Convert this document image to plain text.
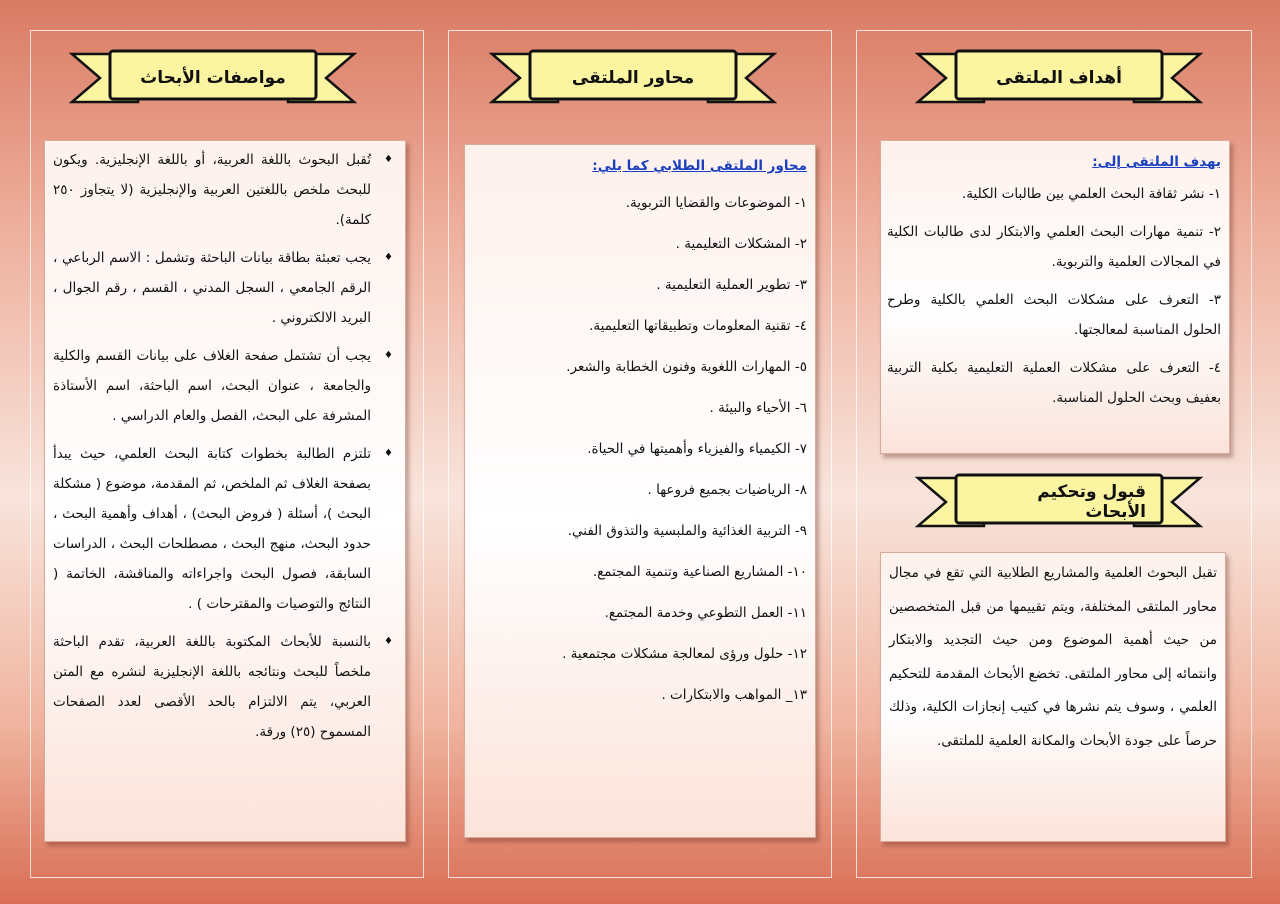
أهداف الملتقى
محاور الملتقى
مواصفات الأبحاث
قبول وتحكيم الأبحاث
يهدف الملتقى إلى:

١- نشر ثقافة البحث العلمي بين طالبات الكلية.

٢- تنمية مهارات البحث العلمي والابتكار لدى طالبات الكلية في المجالات العلمية والتربوية.

٣- التعرف على مشكلات البحث العلمي بالكلية وطرح الحلول المناسبة لمعالجتها.

٤- التعرف على مشكلات العملية التعليمية بكلية التربية بعفيف وبحث الحلول المناسبة.

تقبل البحوث العلمية والمشاريع الطلابية التي تقع في مجال محاور الملتقى المختلفة، ويتم تقييمها من قبل المتخصصين من حيث أهمية الموضوع ومن حيث التجديد والابتكار وانتمائه إلى محاور الملتقى. تخضع الأبحاث المقدمة للتحكيم العلمي ، وسوف يتم نشرها في كتيب إنجازات الكلية، وذلك حرصاً على جودة الأبحاث والمكانة العلمية للملتقى.

محاور الملتقى الطلابي كما يلي:

١- الموضوعات والقضايا التربوية.

٢- المشكلات التعليمية .

٣- تطوير العملية التعليمية .

٤- تقنية المعلومات وتطبيقاتها التعليمية.

٥- المهارات اللغوية وفنون الخطابة والشعر.

٦- الأحياء والبيئة .

٧- الكيمياء والفيزياء وأهميتها في الحياة.

٨- الرياضيات بجميع فروعها .

٩- التربية الغذائية والملبسية والتذوق الفني.

١٠- المشاريع الصناعية وتنمية المجتمع.

١١- العمل التطوعي وخدمة المجتمع.

١٢- حلول ورؤى لمعالجة مشكلات مجتمعية .

١٣_ المواهب والابتكارات .

♦
تُقبل البحوث باللغة العربية، أو باللغة الإنجليزية. ويكون للبحث ملخص باللغتين العربية والإنجليزية (لا يتجاوز ٢٥٠ كلمة).
♦
يجب تعبئة بطاقة بيانات الباحثة وتشمل : الاسم الرباعي ، الرقم الجامعي ، السجل المدني ، القسم ، رقم الجوال ، البريد الالكتروني .
♦
يجب أن تشتمل صفحة الغلاف على بيانات القسم والكلية والجامعة ، عنوان البحث، اسم الباحثة، اسم الأستاذة المشرفة على البحث، الفصل والعام الدراسي .
♦
تلتزم الطالبة بخطوات كتابة البحث العلمي، حيث يبدأ بصفحة الغلاف ثم الملخص، ثم المقدمة، موضوع ( مشكلة البحث )، أسئلة ( فروض البحث) ، أهداف وأهمية البحث ، حدود البحث، منهج البحث ، مصطلحات البحث ، الدراسات السابقة، فصول البحث واجراءاته والمناقشة، الخاتمة ( النتائج والتوصيات والمقترحات ) .
♦
بالنسبة للأبحاث المكتوبة باللغة العربية، تقدم الباحثة ملخصاً للبحث ونتائجه باللغة الإنجليزية لنشره مع المتن العربي، يتم الالتزام بالحد الأقصى لعدد الصفحات المسموح (٢٥) ورقة.
